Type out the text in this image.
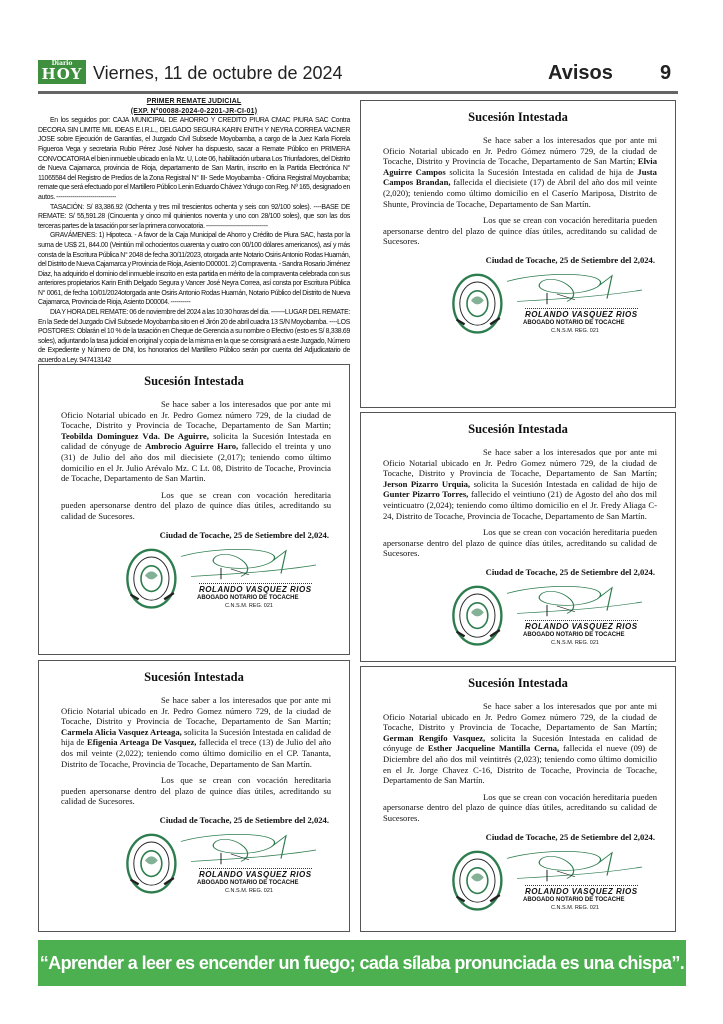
Diario
HOY Viernes, 11 de octubre de 2024	Avisos 9
PRIMER REMATE JUDICIAL
(EXP. N°00088-2024-0-2201-JR-CI-01)

En los seguidos por: CAJA MUNICIPAL DE AHORRO Y CREDITO PIURA CMAC PIURA SAC Contra DECORA SIN LIMITE MIL IDEAS E.I.R.L., DELGADO SEGURA KARIN ENITH Y NEYRA CORREA VACNER JOSE sobre Ejecución de Garantías, el Juzgado Civil Subsede Moyobamba, a cargo de la Juez Karla Fiorela Figueroa Vega y secretaria Rubio Pérez José Nolver ha dispuesto, sacar a Remate Público en PRIMERA CONVOCATORIA el bien inmueble ubicado en la Mz. U, Lote 06, habilitación urbana Los Triunfadores, del Distrito de Nueva Cajamarca, provincia de Rioja, departamento de San Martin, inscrito en la Partida Electrónica N° 11065584 del Registro de Predios de la Zona Registral N° III- Sede Moyobamba - Oficina Registral Moyobamba; remate que será efectuado por el Martillero Público Lenin Eduardo Chávez Ydrugo con Reg. Nº 165, designado en autos. ------------------------------

TASACIÓN: S/ 83,386.92 (Ochenta y tres mil trescientos ochenta y seis con 92/100 soles). ----BASE DE REMATE: S/ 55,591.28 (Cincuenta y cinco mil quinientos noventa y uno con 28/100 soles), que son las dos terceras partes de la tasación por ser la primera convocatoria. -------------------------------

GRAVÁMENES: 1) Hipoteca. - A favor de la Caja Municipal de Ahorro y Crédito de Piura SAC, hasta por la suma de US$ 21, 844.00 (Veintiún mil ochocientos cuarenta y cuatro con 00/100 dólares americanos), así y más consta de la Escritura Pública N° 2048 de fecha 30/11/2023, otorgada ante Notario Osiris Antonio Rodas Huamán, del Distrito de Nueva Cajamarca y Provincia de Rioja, Asiento D00001. 2) Compraventa. - Sandra Rosario Jiménez Diaz, ha adquirido el dominio del inmueble inscrito en esta partida en mérito de la compraventa celebrada con sus anteriores propietarios Karin Enith Delgado Segura y Vancer José Neyra Correa, así consta por Escritura Pública N° 0061, de fecha 10/01/2024otorgada ante Osiris Antonio Rodas Huamán, Notario Público del Distrito de Nueva Cajamarca, Provincia de Rioja, Asiento D00004. ----------

DIA Y HORA DEL REMATE: 06 de noviembre del 2024 a las 10:30 horas del dia. -------LUGAR DEL REMATE: En la Sede del Juzgado Civil Subsede Moyobamba sito en el Jirón 20 de abril cuadra 13 S/N Moyobamba. ----LOS POSTORES: Oblarán el 10 % de la tasación en Cheque de Gerencia a su nombre o Efectivo (esto es S/ 8,338.69 soles), adjuntando la tasa judicial en original y copia de la misma en la que se consignará a este Juzgado, Número de Expediente y Número de DNI, los honorarios del Martillero Público serán por cuenta del Adjudicatario de acuerdo a Ley. 947413142

Sucesión Intestada

Se hace saber a los interesados que por ante mi Oficio Notarial ubicado en Jr. Pedro Gómez número 729, de la ciudad de Tocache, Distrito y Provincia de Tocache, Departamento de San Martín; Elvia Aguirre Campos solicita la Sucesión Intestada en calidad de hija de Justa Campos Brandan, fallecida el diecisiete (17) de Abril del año dos mil veinte (2,020); teniendo como último domicilio en el Caserío Mariposa, Distrito de Shunte, Provincia de Tocache, Departamento de San Martín.

Los que se crean con vocación hereditaria pueden apersonarse dentro del plazo de quince días útiles, acreditando su calidad de Sucesores.

Ciudad de Tocache, 25 de Setiembre del 2,024.
ROLANDO VASQUEZ RIOS
ABOGADO NOTARIO DE TOCACHE
C.N.S.M. REG. 021
Sucesión Intestada

Se hace saber a los interesados que por ante mi Oficio Notarial ubicado en Jr. Pedro Gomez número 729, de la ciudad de Tocache, Distrito y Provincia de Tocache, Departamento de San Martin; Teobilda Dominguez Vda. De Aguirre, solicita la Sucesión Intestada en calidad de cónyuge de Ambrocio Aguirre Haro, fallecido el treinta y uno (31) de Julio del año dos mil diecisiete (2,017); teniendo como último domicilio en el Jr. Julio Arévalo Mz. C Lt. 08, Distrito de Tocache, Provincia de Tocache, Departamento de San Martin.

Los que se crean con vocación hereditaria pueden apersonarse dentro del plazo de quince días útiles, acreditando su calidad de Sucesores.

Ciudad de Tocache, 25 de Setiembre del 2,024.
ROLANDO VASQUEZ RIOS
ABOGADO NOTARIO DE TOCACHE
C.N.S.M. REG. 021
Sucesión Intestada

Se hace saber a los interesados que por ante mi Oficio Notarial ubicado en Jr. Pedro Gomez número 729, de la ciudad de Tocache, Distrito y Provincia de Tocache, Departamento de San Martín; Jerson Pizarro Urquia, solicita la Sucesión Intestada en calidad de hijo de Gunter Pizarro Torres, fallecido el veintiuno (21) de Agosto del año dos mil veinticuatro (2,024); teniendo como último domicilio en el Jr. Fredy Aliaga C-24, Distrito de Tocache, Provincia de Tocache, Departamento de San Martín.

Los que se crean con vocación hereditaria pueden apersonarse dentro del plazo de quince días útiles, acreditando su calidad de Sucesores.

Ciudad de Tocache, 25 de Setiembre del 2,024.
ROLANDO VASQUEZ RIOS
ABOGADO NOTARIO DE TOCACHE
C.N.S.M. REG. 021
Sucesión Intestada

Se hace saber a los interesados que por ante mi Oficio Notarial ubicado en Jr. Pedro Gomez número 729, de la ciudad de Tocache, Distrito y Provincia de Tocache, Departamento de San Martín; Carmela Alicia Vasquez Arteaga, solicita la Sucesión Intestada en calidad de hija de Efigenia Arteaga De Vasquez, fallecida el trece (13) de Julio del año dos mil veinte (2,022); teniendo como último domicilio en el CP. Tananta, Distrito de Tocache, Provincia de Tocache, Departamento de San Martín.

Los que se crean con vocación hereditaria pueden apersonarse dentro del plazo de quince días útiles, acreditando su calidad de Sucesores.

Ciudad de Tocache, 25 de Setiembre del 2,024.
ROLANDO VASQUEZ RIOS
ABOGADO NOTARIO DE TOCACHE
C.N.S.M. REG. 021
Sucesión Intestada

Se hace saber a los interesados que por ante mi Oficio Notarial ubicado en Jr. Pedro Gomez número 729, de la ciudad de Tocache, Distrito y Provincia de Tocache, Departamento de San Martín; German Rengifo Vasquez, solicita la Sucesión Intestada en calidad de cónyuge de Esther Jacqueline Mantilla Cerna, fallecida el nueve (09) de Diciembre del año dos mil veintitrés (2,023); teniendo como último domicilio en el Jr. Jorge Chavez C-16, Distrito de Tocache, Provincia de Tocache, Departamento de San Martín.

Los que se crean con vocación hereditaria pueden apersonarse dentro del plazo de quince días útiles, acreditando su calidad de Sucesores.

Ciudad de Tocache, 25 de Setiembre del 2,024.
ROLANDO VASQUEZ RIOS
ABOGADO NOTARIO DE TOCACHE
C.N.S.M. REG. 021
“Aprender a leer es encender un fuego; cada sílaba pronunciada es una chispa”.
